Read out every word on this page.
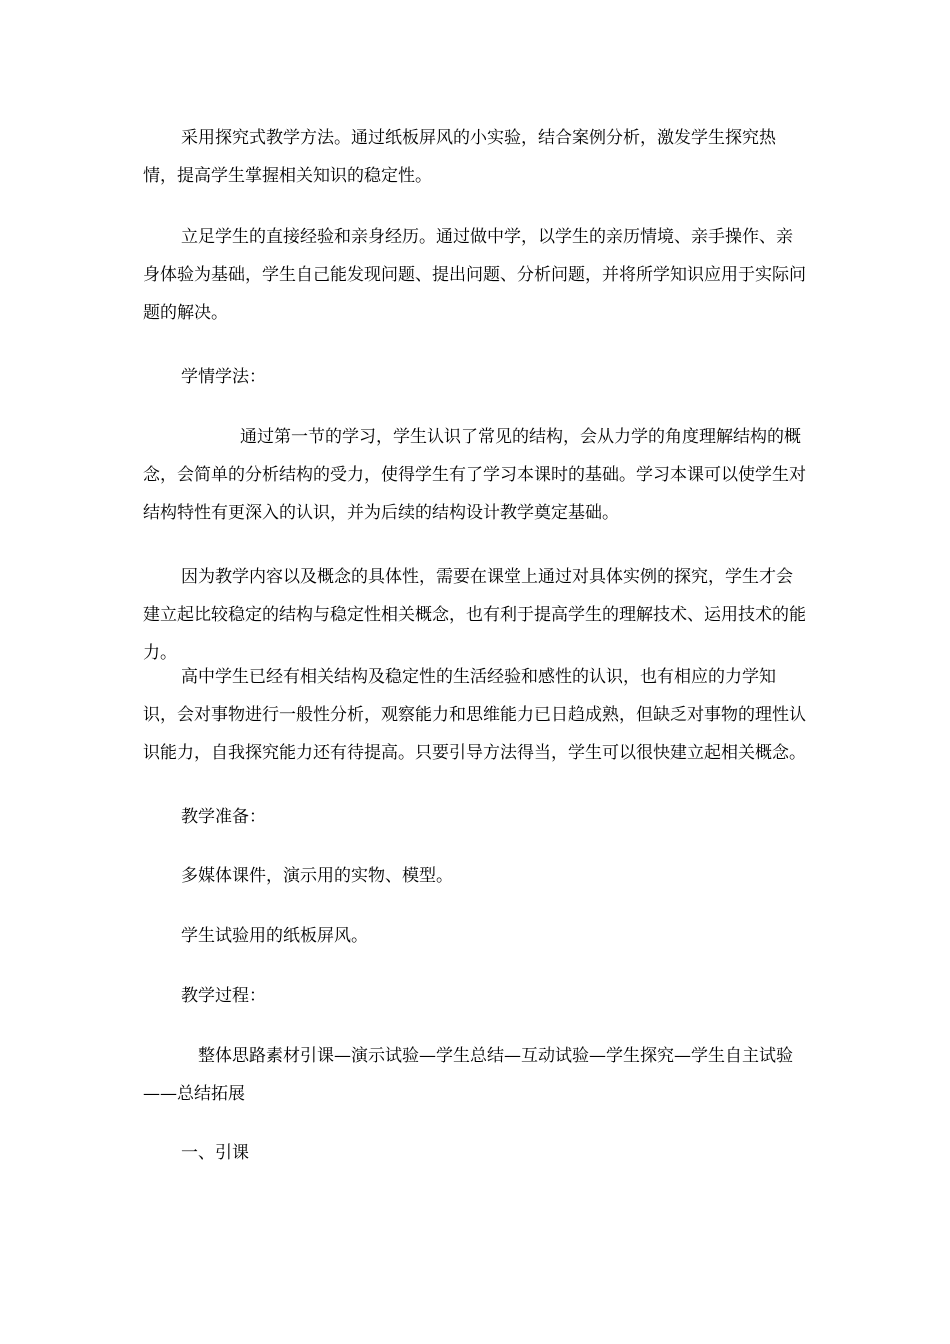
采用探究式教学方法。通过纸板屏风的小实验，结合案例分析，激发学生探究热情，提高学生掌握相关知识的稳定性。

立足学生的直接经验和亲身经历。通过做中学，以学生的亲历情境、亲手操作、亲身体验为基础，学生自己能发现问题、提出问题、分析问题，并将所学知识应用于实际问题的解决。

学情学法：

通过第一节的学习，学生认识了常见的结构，会从力学的角度理解结构的概念，会简单的分析结构的受力，使得学生有了学习本课时的基础。学习本课可以使学生对结构特性有更深入的认识，并为后续的结构设计教学奠定基础。

因为教学内容以及概念的具体性，需要在课堂上通过对具体实例的探究，学生才会建立起比较稳定的结构与稳定性相关概念，也有利于提高学生的理解技术、运用技术的能力。

高中学生已经有相关结构及稳定性的生活经验和感性的认识，也有相应的力学知识，会对事物进行一般性分析，观察能力和思维能力已日趋成熟，但缺乏对事物的理性认识能力，自我探究能力还有待提高。只要引导方法得当，学生可以很快建立起相关概念。

教学准备：

多媒体课件，演示用的实物、模型。

学生试验用的纸板屏风。

教学过程：

整体思路素材引课—演示试验—学生总结—互动试验—学生探究—学生自主试验——总结拓展

一、引课
